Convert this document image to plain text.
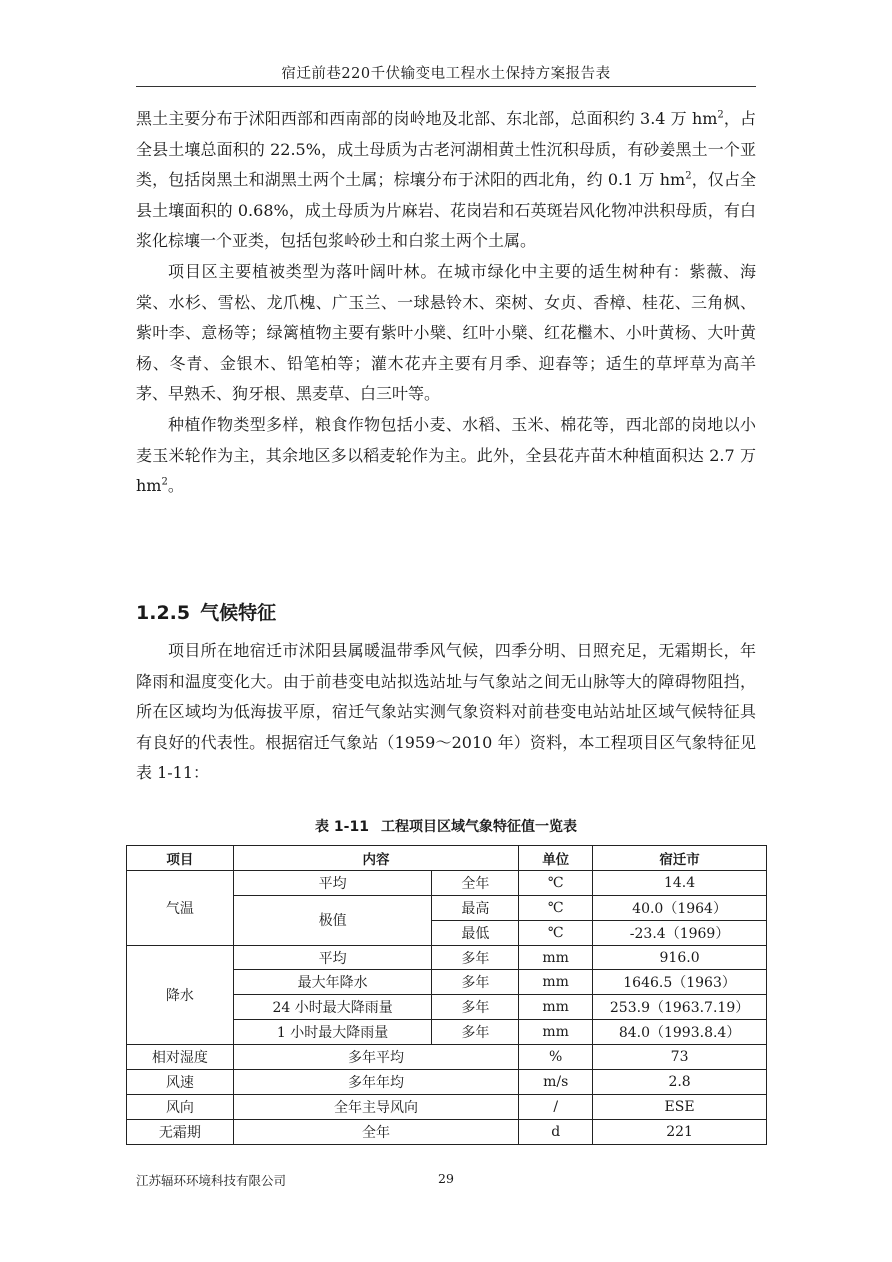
宿迁前巷220千伏输变电工程水土保持方案报告表

黑土主要分布于沭阳西部和西南部的岗岭地及北部、东北部，总面积约 3.4 万 $hm^2$，占全县土壤总面积的 22.5%，成土母质为古老河湖相黄土性沉积母质，有砂姜黑土一个亚类，包括岗黑土和湖黑土两个土属；棕壤分布于沭阳的西北角，约 0.1 万 $hm^2$，仅占全县土壤面积的 0.68%，成土母质为片麻岩、花岗岩和石英斑岩风化物冲洪积母质，有白浆化棕壤一个亚类，包括包浆岭砂土和白浆土两个土属。

项目区主要植被类型为落叶阔叶林。在城市绿化中主要的适生树种有：紫薇、海棠、水杉、雪松、龙爪槐、广玉兰、一球悬铃木、栾树、女贞、香樟、桂花、三角枫、紫叶李、意杨等；绿篱植物主要有紫叶小檗、红叶小檗、红花檵木、小叶黄杨、大叶黄杨、冬青、金银木、铅笔柏等；灌木花卉主要有月季、迎春等；适生的草坪草为高羊茅、早熟禾、狗牙根、黑麦草、白三叶等。

种植作物类型多样，粮食作物包括小麦、水稻、玉米、棉花等，西北部的岗地以小麦玉米轮作为主，其余地区多以稻麦轮作为主。此外，全县花卉苗木种植面积达 2.7 万 $hm^2$。

1.2.5 气候特征

项目所在地宿迁市沭阳县属暖温带季风气候，四季分明、日照充足，无霜期长，年降雨和温度变化大。由于前巷变电站拟选站址与气象站之间无山脉等大的障碍物阻挡，所在区域均为低海拔平原，宿迁气象站实测气象资料对前巷变电站站址区域气候特征具有良好的代表性。根据宿迁气象站（1959～2010 年）资料，本工程项目区气象特征见表 1-11：

表 1-11 工程项目区域气象特征值一览表
项目	内容		单位	宿迁市
气温	平均	全年	℃	14.4
	极值	最高	℃	40.0（1964）
		最低	℃	-23.4（1969）
降水	平均	多年	mm	916.0
	最大年降水	多年	mm	1646.5（1963）
	24 小时最大降雨量	多年	mm	253.9（1963.7.19）
	1 小时最大降雨量	多年	mm	84.0（1993.8.4）
相对湿度	多年平均		%	73
风速	多年年均		m/s	2.8
风向	全年主导风向		/	ESE
无霜期	全年		d	221
江苏辐环环境科技有限公司	29
